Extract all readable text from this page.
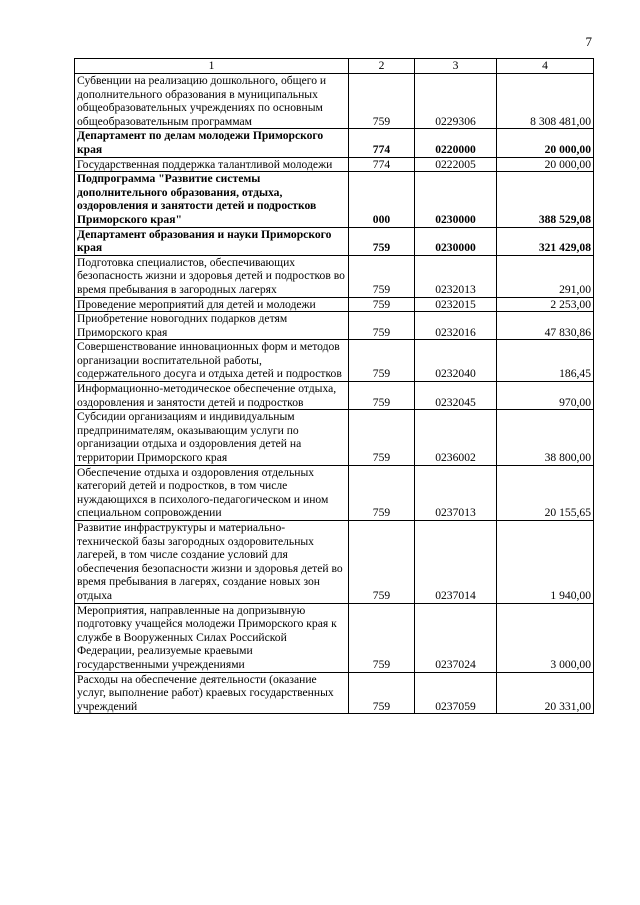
7
1	2	3	4
Субвенции на реализацию дошкольного, общего и дополнительного образования в муниципальных общеобразовательных учреждениях по основным общеобразовательным программам	759	0229306	8 308 481,00
Департамент по делам молодежи Приморского края	774	0220000	20 000,00
Государственная поддержка талантливой молодежи	774	0222005	20 000,00
Подпрограмма "Развитие системы дополнительного образования, отдыха, оздоровления и занятости детей и подростков Приморского края"	000	0230000	388 529,08
Департамент образования и науки Приморского края	759	0230000	321 429,08
Подготовка специалистов, обеспечивающих безопасность жизни и здоровья детей и подростков во время пребывания в загородных лагерях	759	0232013	291,00
Проведение мероприятий для детей и молодежи	759	0232015	2 253,00
Приобретение новогодних подарков детям Приморского края	759	0232016	47 830,86
Совершенствование инновационных форм и методов организации воспитательной работы, содержательного досуга и отдыха детей и подростков	759	0232040	186,45
Информационно-методическое обеспечение отдыха, оздоровления и занятости детей и подростков	759	0232045	970,00
Субсидии организациям и индивидуальным предпринимателям, оказывающим услуги по организации отдыха и оздоровления детей на территории Приморского края	759	0236002	38 800,00
Обеспечение отдыха и оздоровления отдельных категорий детей и подростков, в том числе нуждающихся в психолого-педагогическом и ином специальном сопровождении	759	0237013	20 155,65
Развитие инфраструктуры и материально-технической базы загородных оздоровительных лагерей, в том числе создание условий для обеспечения безопасности жизни и здоровья детей во время пребывания в лагерях, создание новых зон отдыха	759	0237014	1 940,00
Мероприятия, направленные на допризывную подготовку учащейся молодежи Приморского края к службе в Вооруженных Силах Российской Федерации, реализуемые краевыми государственными учреждениями	759	0237024	3 000,00
Расходы на обеспечение деятельности (оказание услуг, выполнение работ) краевых государственных учреждений	759	0237059	20 331,00
